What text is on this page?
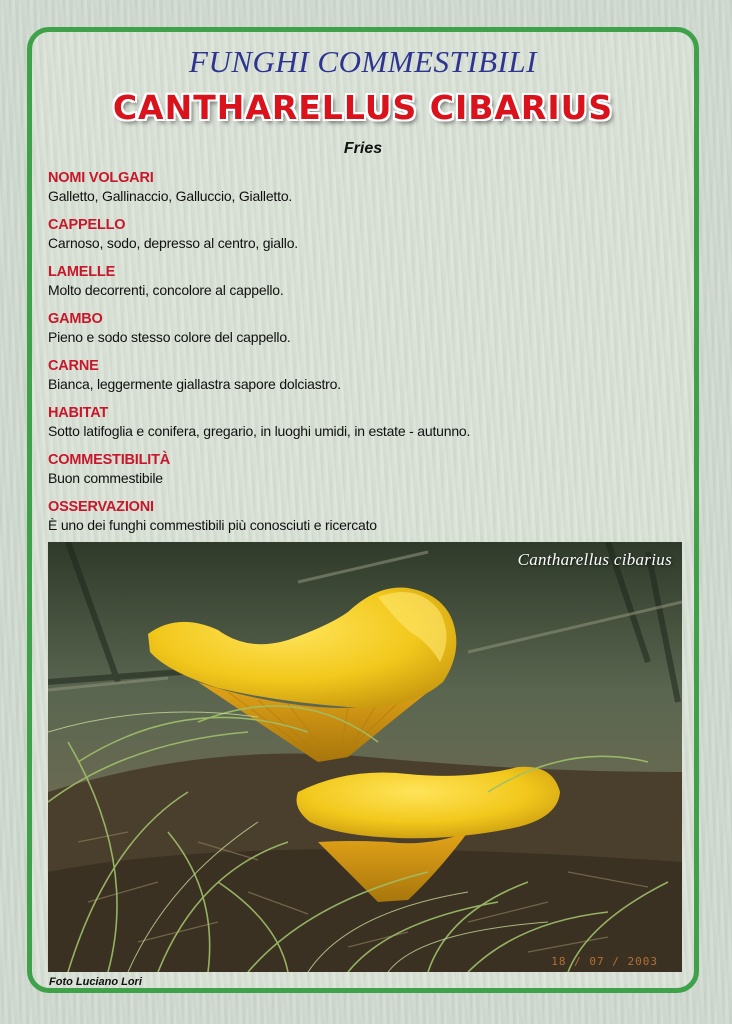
FUNGHI COMMESTIBILI
CANTHARELLUS CIBARIUS
Fries
NOMI VOLGARI
Galletto, Gallinaccio, Galluccio, Gialletto.
CAPPELLO
Carnoso, sodo, depresso al centro, giallo.
LAMELLE
Molto decorrenti, concolore al cappello.
GAMBO
Pieno e sodo stesso colore del cappello.
CARNE
Bianca, leggermente giallastra sapore dolciastro.
HABITAT
Sotto latifoglia e conifera, gregario, in luoghi umidi, in estate - autunno.
COMMESTIBILITÀ
Buon commestibile
OSSERVAZIONI
È uno dei funghi commestibili più conosciuti e ricercato
Cantharellus cibarius
18 / 07 / 2003
Foto Luciano Lori
